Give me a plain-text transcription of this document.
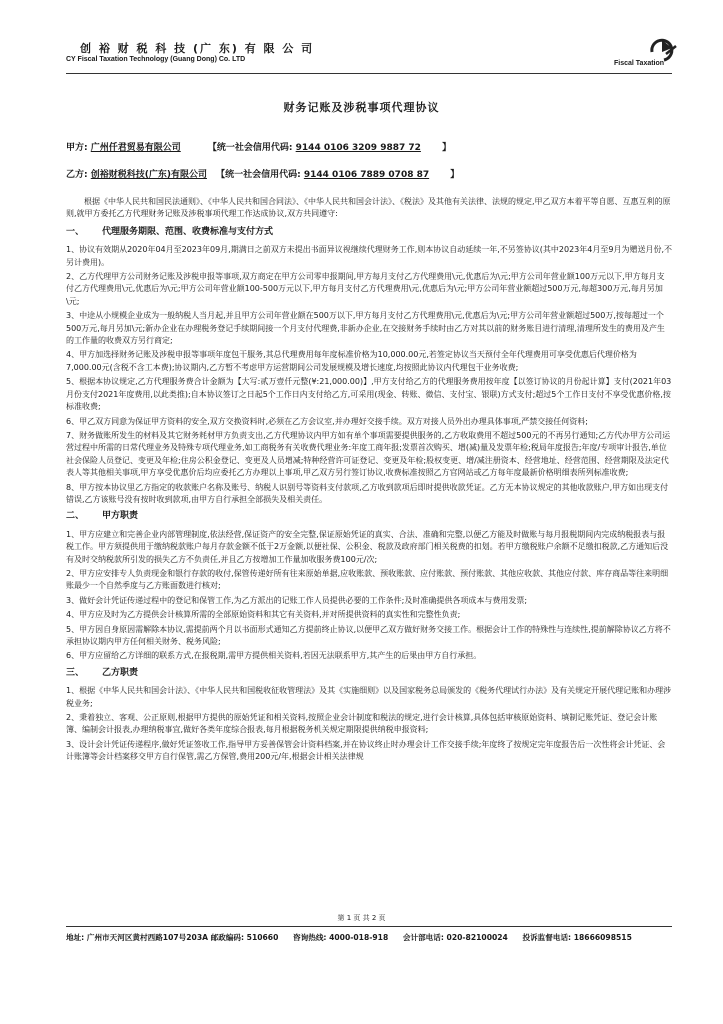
创 裕 财 税 科 技 (广 东) 有 限 公 司
CY Fiscal Taxation Technology (Guang Dong) Co. LTD
Fiscal Taxation
财务记账及涉税事项代理协议
甲方: 广州仟君贸易有限公司	【统一社会信用代码: 9144 0106 3209 9887 72 】
乙方: 创裕财税科技(广东)有限公司 【统一社会信用代码: 9144 0106 7889 0708 87 】

根据《中华人民共和国民法通则》、《中华人民共和国合同法》、《中华人民共和国会计法》、《税法》及其他有关法律、法规的规定,甲乙双方本着平等自愿、互惠互利的原则,就甲方委托乙方代理财务记账及涉税事项代理工作达成协议,双方共同遵守:

一、 代理服务期限、范围、收费标准与支付方式

1、协议有效期从2020年04月至2023年09月,期满日之前双方未提出书面异议视继续代理财务工作,则本协议自动延续一年,不另签协议(其中2023年4月至9月为赠送月份,不另计费用)。

2、乙方代理甲方公司财务记账及涉税申报等事项,双方商定在甲方公司零申报期间,甲方每月支付乙方代理费用\元,优惠后为\元;甲方公司年营业额100万元以下,甲方每月支付乙方代理费用\元,优惠后为\元;甲方公司年营业额100-500万元以下,甲方每月支付乙方代理费用\元,优惠后为\元;甲方公司年营业额超过500万元,每超300万元,每月另加\元;

3、中途从小规模企业成为一般纳税人当月起,并且甲方公司年营业额在500万以下,甲方每月支付乙方代理费用\元,优惠后为\元;甲方公司年营业额超过500万,按每超过一个500万元,每月另加\元;新办企业在办理税务登记手续期间接一个月支付代理费,非新办企业,在交接财务手续时由乙方对其以前的财务账目进行清理,清理所发生的费用及产生的工作量的收费双方另行商定;

4、甲方加选择财务记账及涉税申报等事项年度包干服务,其总代理费用每年度标准价格为10,000.00元,若签定协议当天预付全年代理费用可享受优惠后代理价格为7,000.00元(含税不含工本费);协议期内,乙方暂不考虑甲方运营期间公司发展规模及增长速度,均按照此协议内代理包干业务收费;

5、根据本协议规定,乙方代理服务费合计金额为【大写:贰万壹仟元整(¥:21,000.00)】,甲方支付给乙方的代理服务费用按年度【以签订协议的月份起计算】支付(2021年03月份支付2021年度费用,以此类推);自本协议签订之日起5个工作日内支付给乙方,可采用(现金、转账、微信、支付宝、银联)方式支付;超过5个工作日支付不享受优惠价格,按标准收费;

6、甲乙双方同意为保证甲方资料的安全,双方交换资料时,必须在乙方会议室,并办理好交接手续。双方对接人员外出办理具体事项,严禁交接任何资料;

7、财务做账所发生的材料及其它财务耗材甲方负责支出,乙方代理协议内甲方如有单个事项需要提供服务的,乙方收取费用不超过500元的不再另行通知;乙方代办甲方公司运营过程中所需的日常代理业务及特殊专项代理业务,如工商税务有关收费代理业务:年度工商年报;发票首次购买、增(减)量及发票年检;税局年度报告;年度/专项审计报告,单位社会保险人员登记、变更及年检;住房公积金登记、变更及人员增减;特种经营许可证登记、变更及年检;股权变更、增/减注册资本、经营地址、经营范围、经营期限及法定代表人等其他相关事项,甲方享受优惠价后均应委托乙方办理以上事项,甲乙双方另行签订协议,收费标准按照乙方官网站或乙方每年度最新价格明细表所列标准收费;

8、甲方按本协议里乙方指定的收款账户名称及账号、纳税人识别号等资料支付款项,乙方收到款项后即时提供收款凭证。乙方无本协议规定的其他收款账户,甲方如出现支付错误,乙方该账号没有按时收到款项,由甲方自行承担全部损失及相关责任。

二、 甲方职责

1、甲方应建立和完善企业内部管理制度,依法经营,保证资产的安全完整,保证原始凭证的真实、合法、准确和完整,以便乙方能及时做账与每月报税期间内完成纳税报表与报税工作。甲方须提供用于缴纳税款账户每月存款金额不低于2万金额,以便社保、公积金、税款及政府部门相关税费的扣划。若甲方缴税账户余额不足缴扣税款,乙方通知后没有及时交纳税款所引发的损失乙方不负责任,并且乙方按增加工作量加收服务费100元/次;

2、甲方应安排专人负责现金和银行存款的收付,保管传递好所有往来原始单据,应收账款、预收账款、应付账款、预付账款、其他应收款、其他应付款、库存商品等往来明细账最少一个自然季度与乙方账面数进行核对;

3、做好会计凭证传递过程中的登记和保管工作,为乙方派出的记账工作人员提供必要的工作条件;及时准确提供各项成本与费用发票;

4、甲方应及时为乙方提供会计核算所需的全部原始资料和其它有关资料,并对所提供资料的真实性和完整性负责;

5、甲方因自身原因需解除本协议,需提前两个月以书面形式通知乙方提前终止协议,以便甲乙双方做好财务交接工作。根据会计工作的特殊性与连续性,提前解除协议乙方将不承担协议期内甲方任何相关财务、税务风险;

6、甲方应留给乙方详细的联系方式,在报税期,需甲方提供相关资料,若因无法联系甲方,其产生的后果由甲方自行承担。

三、 乙方职责

1、根据《中华人民共和国会计法》、《中华人民共和国税收征收管理法》及其《实施细则》以及国家税务总局颁发的《税务代理试行办法》及有关规定开展代理记账和办理涉税业务;

2、秉着独立、客观、公正原则,根据甲方提供的原始凭证和相关资料,按照企业会计制度和税法的规定,进行会计核算,具体包括审核原始资料、填制记账凭证、登记会计账簿、编制会计报表,办理纳税事宜,做好各类年度综合报表,每月根据税务机关规定期限提供纳税申报资料;

3、设计会计凭证传递程序,做好凭证签收工作,指导甲方妥善保管会计资料档案,并在协议终止时办理会计工作交接手续;年度终了按规定完年度报告后一次性将会计凭证、会计账簿等会计档案移交甲方自行保管,需乙方保管,费用200元/年,根据会计相关法律规

第 1 页 共 2 页
地址: 广州市天河区黄村西路107号203A 邮政编码: 510660 咨询热线: 4000-018-918 会计部电话: 020-82100024 投诉监督电话: 18666098515
